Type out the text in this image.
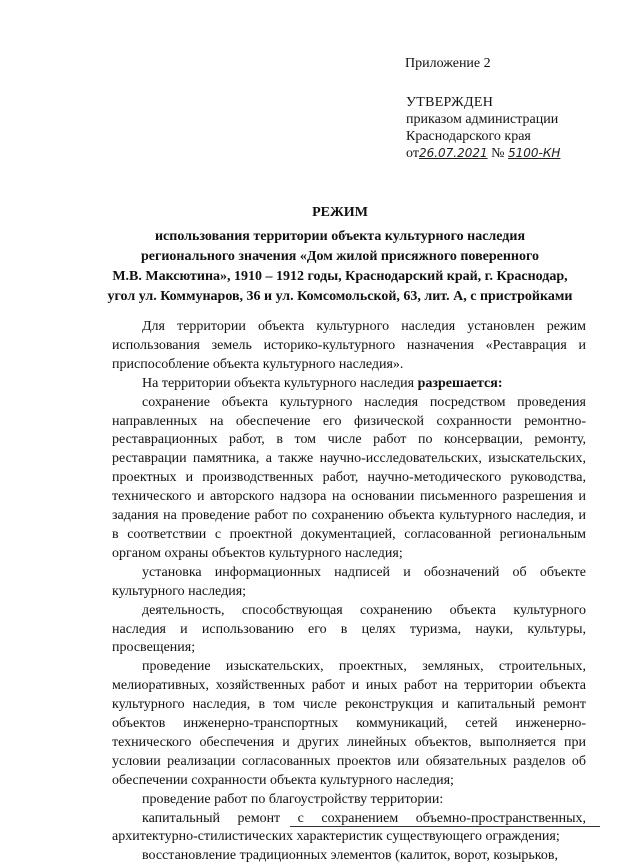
Приложение 2
УТВЕРЖДЕН
приказом администрации
Краснодарского края
от26.07.2021 № 5100-КН
РЕЖИМ
использования территории объекта культурного наследия
регионального значения «Дом жилой присяжного поверенного
М.В. Максютина», 1910 – 1912 годы, Краснодарский край, г. Краснодар,
угол ул. Коммунаров, 36 и ул. Комсомольской, 63, лит. А, с пристройками

Для территории объекта культурного наследия установлен режим использования земель историко-культурного назначения «Реставрация и приспособление объекта культурного наследия».

На территории объекта культурного наследия разрешается:

сохранение объекта культурного наследия посредством проведения направленных на обеспечение его физической сохранности ремонтно-реставрационных работ, в том числе работ по консервации, ремонту, реставрации памятника, а также научно-исследовательских, изыскательских, проектных и производственных работ, научно-методического руководства, технического и авторского надзора на основании письменного разрешения и задания на проведение работ по сохранению объекта культурного наследия, и в соответствии с проектной документацией, согласованной региональным органом охраны объектов культурного наследия;

установка информационных надписей и обозначений об объекте культурного наследия;

деятельность, способствующая сохранению объекта культурного наследия и использованию его в целях туризма, науки, культуры, просвещения;

проведение изыскательских, проектных, земляных, строительных, мелиоративных, хозяйственных работ и иных работ на территории объекта культурного наследия, в том числе реконструкция и капитальный ремонт объектов инженерно-транспортных коммуникаций, сетей инженерно-технического обеспечения и других линейных объектов, выполняется при условии реализации согласованных проектов или обязательных разделов об обеспечении сохранности объекта культурного наследия;

проведение работ по благоустройству территории:

капитальный ремонт с сохранением объемно-пространственных, архитектурно-стилистических характеристик существующего ограждения;

восстановление традиционных элементов (калиток, ворот, козырьков,
